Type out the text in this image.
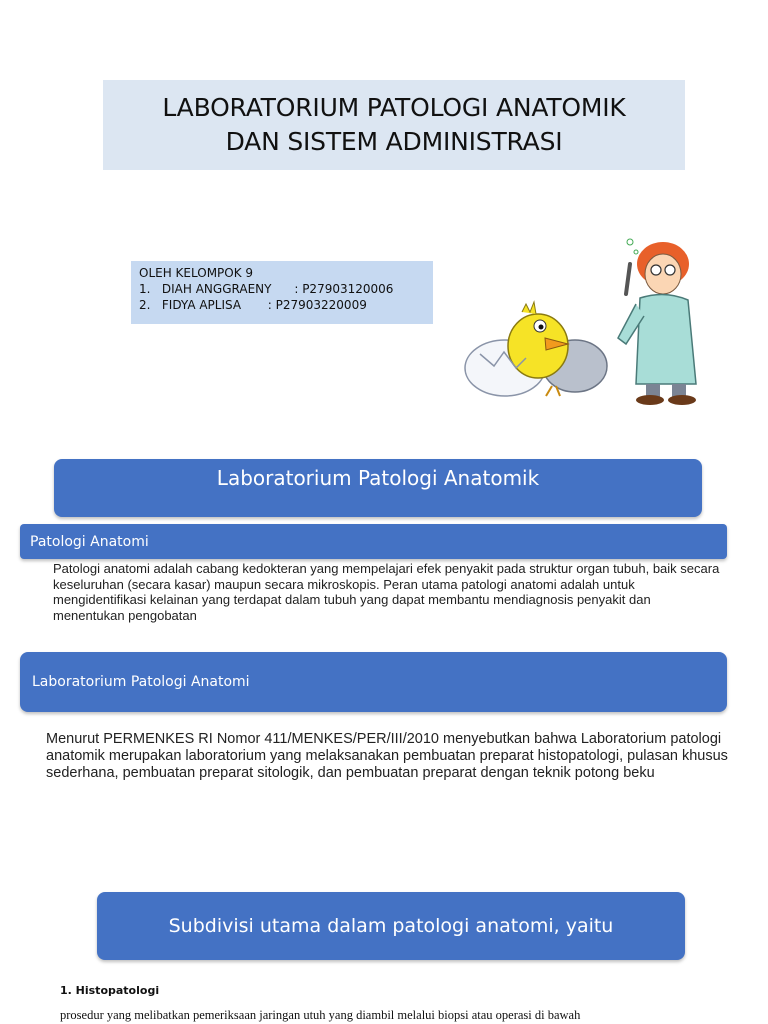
LABORATORIUM PATOLOGI ANATOMIK
DAN SISTEM ADMINISTRASI
OLEH KELOMPOK 9
1.   DIAH ANGGRAENY      : P27903120006
2.   FIDYA APLISA       : P27903220009
Laboratorium Patologi Anatomik
Patologi Anatomi
Patologi anatomi adalah cabang kedokteran yang mempelajari efek penyakit pada struktur organ tubuh, baik secara keseluruhan (secara kasar) maupun secara mikroskopis. Peran utama patologi anatomi adalah untuk mengidentifikasi kelainan yang terdapat dalam tubuh yang dapat membantu mendiagnosis penyakit dan menentukan pengobatan
Laboratorium Patologi Anatomi
Menurut PERMENKES RI Nomor 411/MENKES/PER/III/2010 menyebutkan bahwa Laboratorium patologi anatomik merupakan laboratorium yang melaksanakan pembuatan preparat histopatologi, pulasan khusus sederhana, pembuatan preparat sitologik, dan pembuatan preparat dengan teknik potong beku
Subdivisi utama dalam patologi anatomi, yaitu
1. Histopatologi
prosedur yang melibatkan pemeriksaan jaringan utuh yang diambil melalui biopsi atau operasi di bawah
